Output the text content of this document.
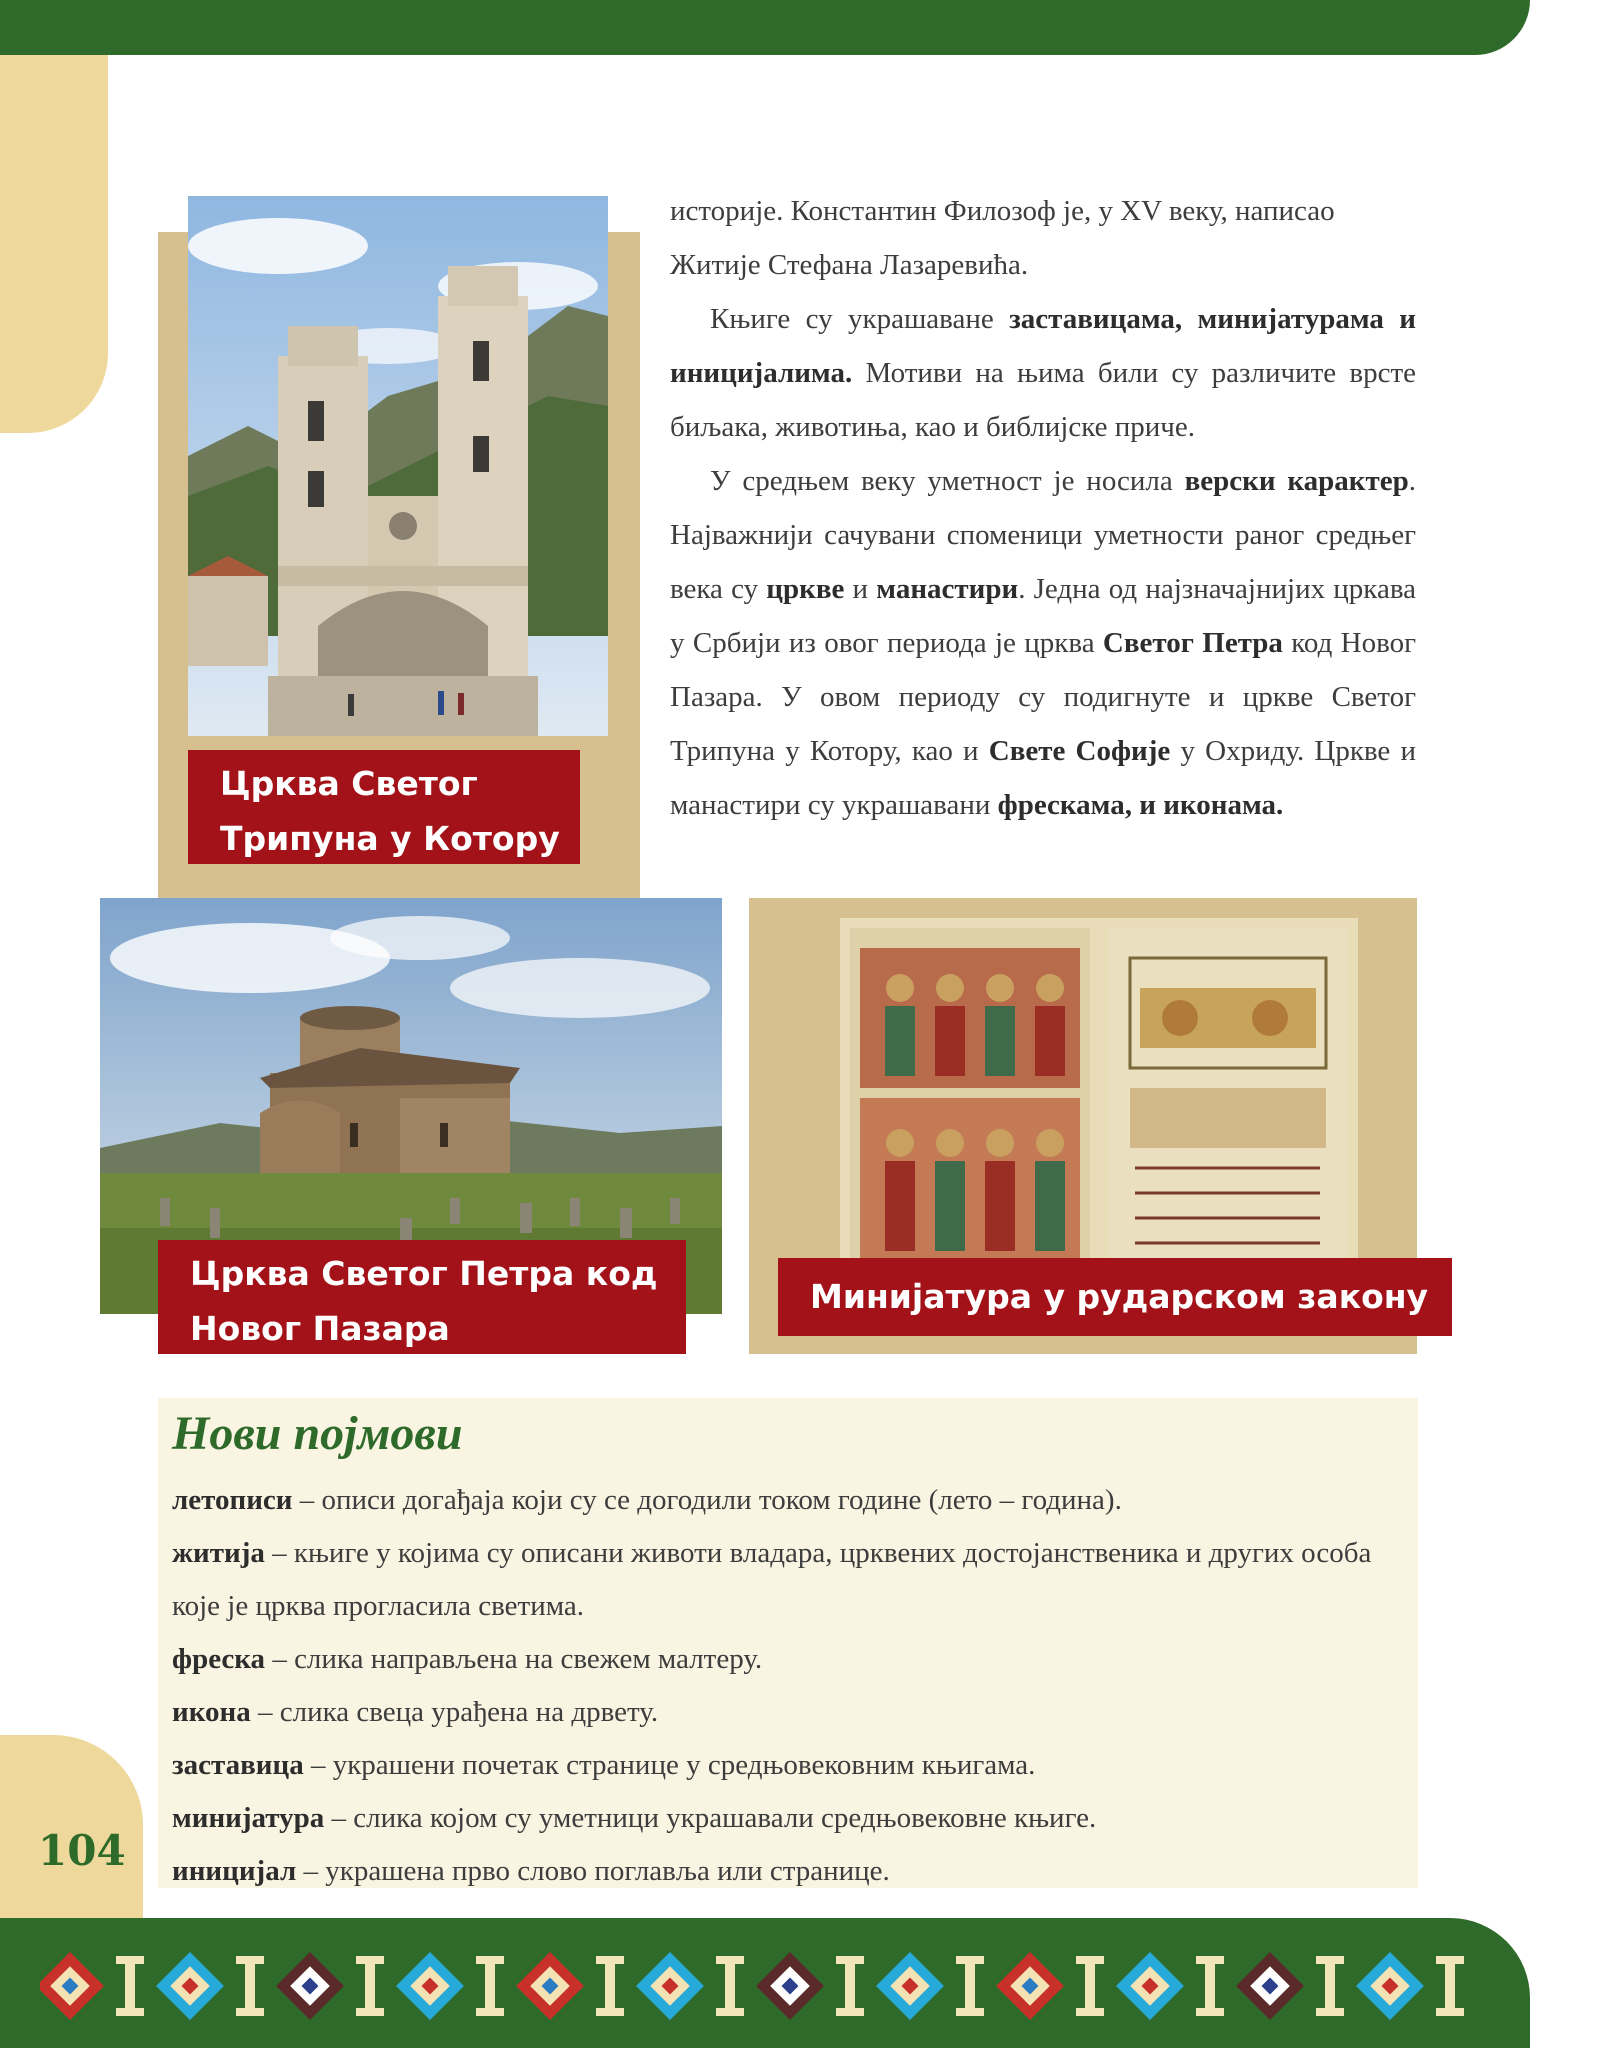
104
Црква Светог
Трипуна у Котору

историје. Константин Филозоф је, у XV веку, написао

Житије Стефана Лазаревића.

Књиге су украшаване заставицама, минијатурама и иницијалима. Мотиви на њима били су различите врсте биљака, животиња, као и библијске приче.

У средњем веку уметност је носила верски карактер. Најважнији сачувани споменици уметности раног средњег века су цркве и манастири. Једна од најзначајнијих цркава у Србији из овог периода је црква Светог Петра код Новог Пазара. У овом периоду су подигнуте и цркве Светог Трипуна у Котору, као и Свете Софије у Охриду. Цркве и манастири су украшавани фрескама, и иконама.

Црква Светог Петра код
Новог Пазара
Минијатура у рударском закону
Нови појмови

летописи – описи догађаја који су се догодили током године (лето – година).

житија – књиге у којима су описани животи владара, црквених достојанственика и других особа које је црква прогласила светима.

фреска – слика направљена на свежем малтеру.

икона – слика свеца урађена на дрвету.

заставица – украшени почетак странице у средњовековним књигама.

минијатура – слика којом су уметници украшавали средњовековне књиге.

иницијал – украшена прво слово поглавља или странице.
